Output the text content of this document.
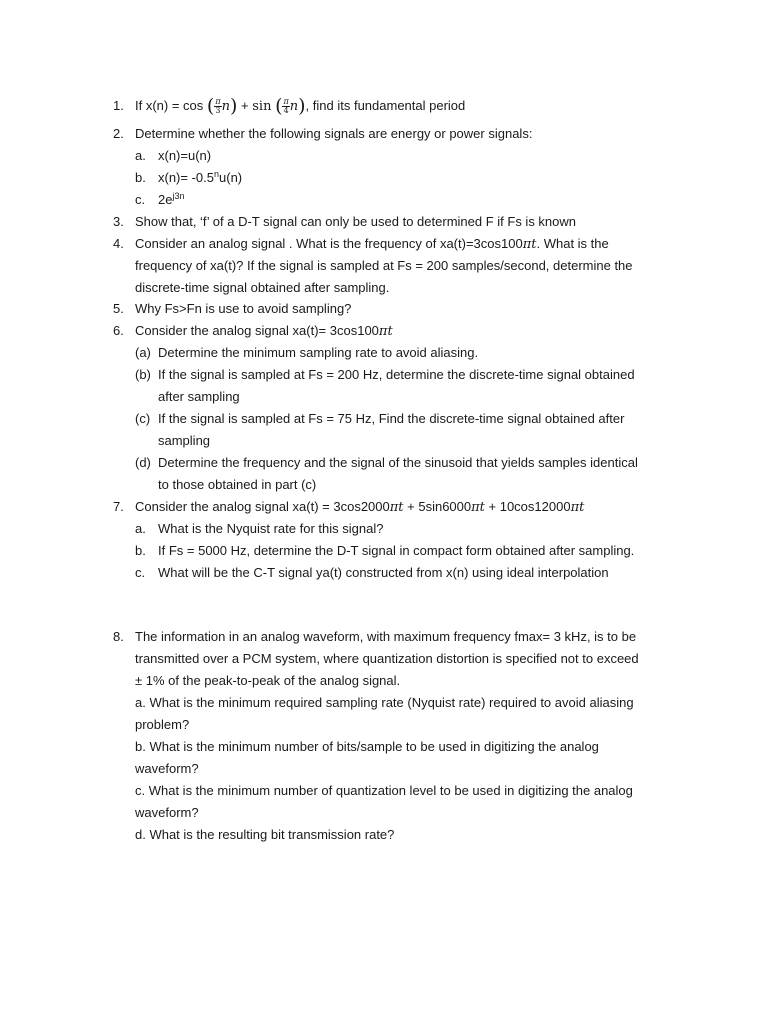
1. If x(n) = cos ( $\frac{\pi}{3} n) + \sin$ ( $\frac{\pi}{4} n$), find its fundamental period
2. Determine whether the following signals are energy or power signals:
a. x(n)=u(n)
b. $x(n)= -0.5^nu(n)$
c. $2e^{j3n}$
3. Show that, ‘f’ of a D-T signal can only be used to determined F if Fs is known
4. Consider an analog signal . What is the frequency of xa(t)=3cos100πt. What is the
frequency of xa(t)? If the signal is sampled at Fs = 200 samples/second, determine the
discrete-time signal obtained after sampling.
5. Why Fs>Fn is use to avoid sampling?
6. Consider the analog signal xa(t)= 3cos100πt
(a) Determine the minimum sampling rate to avoid aliasing.
(b) If the signal is sampled at Fs = 200 Hz, determine the discrete-time signal obtained
after sampling
(c) If the signal is sampled at Fs = 75 Hz, Find the discrete-time signal obtained after
sampling
(d) Determine the frequency and the signal of the sinusoid that yields samples identical
to those obtained in part (c)
7. Consider the analog signal xa(t) = 3cos2000πt + 5sin6000πt + 10cos12000πt
a. What is the Nyquist rate for this signal?
b. If Fs = 5000 Hz, determine the D-T signal in compact form obtained after sampling.
c. What will be the C-T signal ya(t) constructed from x(n) using ideal interpolation
8. The information in an analog waveform, with maximum frequency fmax= 3 kHz, is to be
transmitted over a PCM system, where quantization distortion is specified not to exceed
± 1% of the peak-to-peak of the analog signal.
a. What is the minimum required sampling rate (Nyquist rate) required to avoid aliasing
problem?
b. What is the minimum number of bits/sample to be used in digitizing the analog
waveform?
c. What is the minimum number of quantization level to be used in digitizing the analog
waveform?
d. What is the resulting bit transmission rate?
